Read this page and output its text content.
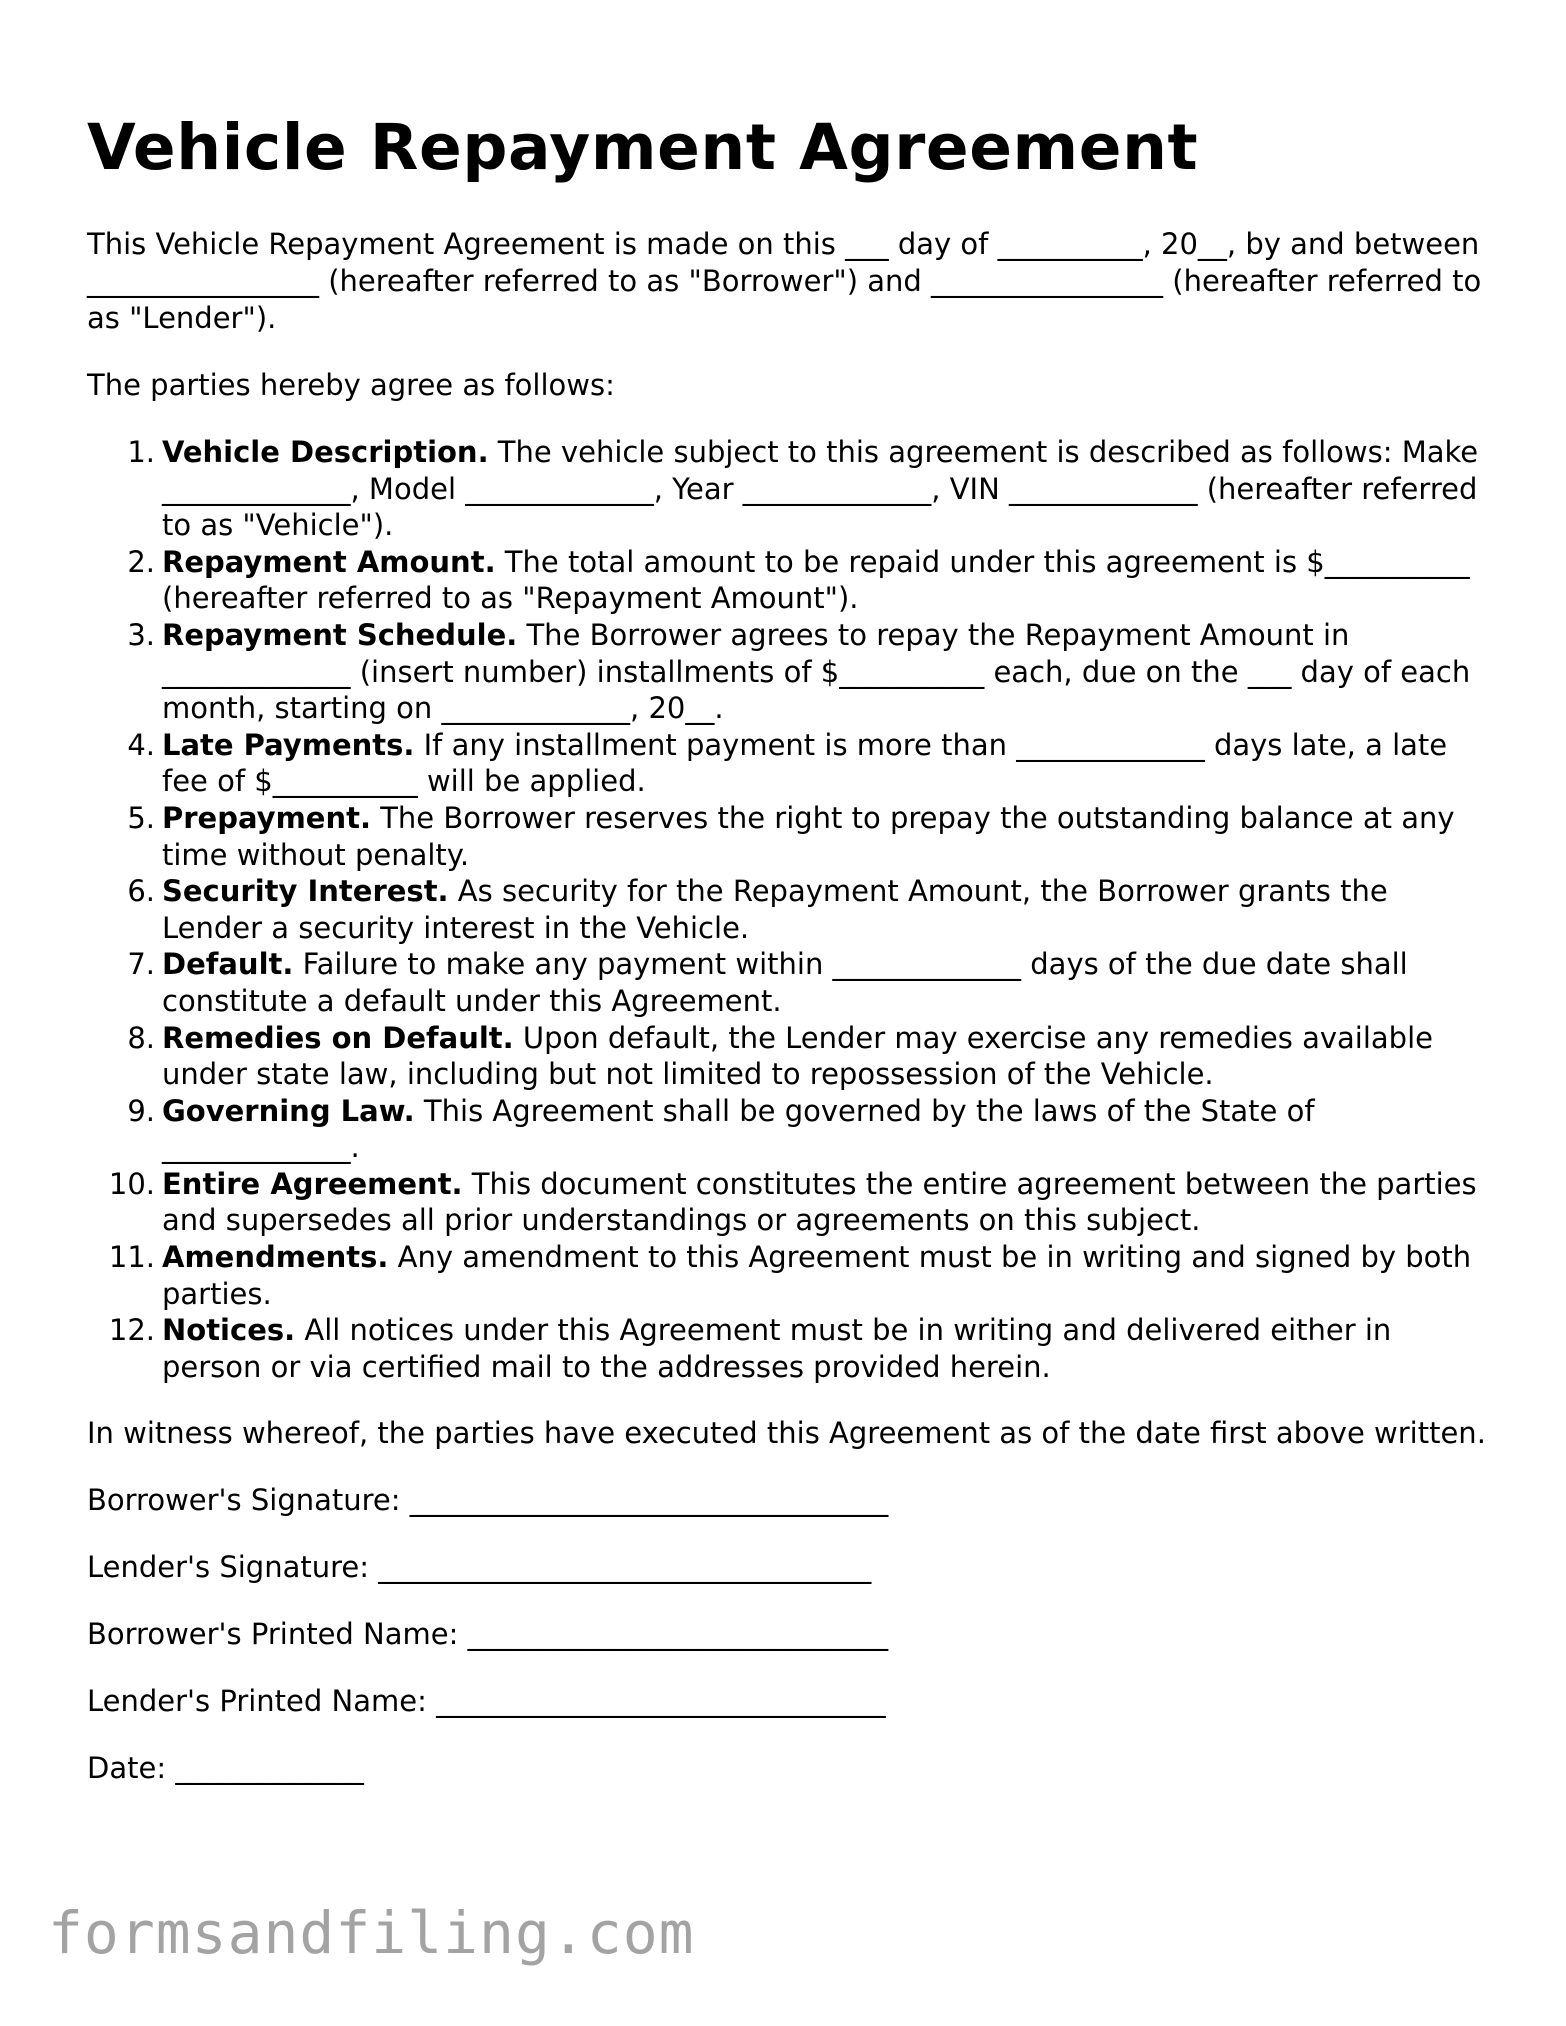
Vehicle Repayment Agreement

This Vehicle Repayment Agreement is made on this ___ day of __________, 20__, by and between ________________ (hereafter referred to as "Borrower") and ________________ (hereafter referred to as "Lender").

The parties hereby agree as follows:

1. Vehicle Description. The vehicle subject to this agreement is described as follows: Make _____________, Model _____________, Year _____________, VIN _____________ (hereafter referred to as "Vehicle").
2. Repayment Amount. The total amount to be repaid under this agreement is $__________ (hereafter referred to as "Repayment Amount").
3. Repayment Schedule. The Borrower agrees to repay the Repayment Amount in _____________ (insert number) installments of $__________ each, due on the ___ day of each month, starting on _____________, 20__.
4. Late Payments. If any installment payment is more than _____________ days late, a late fee of $__________ will be applied.
5. Prepayment. The Borrower reserves the right to prepay the outstanding balance at any time without penalty.
6. Security Interest. As security for the Repayment Amount, the Borrower grants the Lender a security interest in the Vehicle.
7. Default. Failure to make any payment within _____________ days of the due date shall constitute a default under this Agreement.
8. Remedies on Default. Upon default, the Lender may exercise any remedies available under state law, including but not limited to repossession of the Vehicle.
9. Governing Law. This Agreement shall be governed by the laws of the State of _____________.
10. Entire Agreement. This document constitutes the entire agreement between the parties and supersedes all prior understandings or agreements on this subject.
11. Amendments. Any amendment to this Agreement must be in writing and signed by both parties.
12. Notices. All notices under this Agreement must be in writing and delivered either in person or via certified mail to the addresses provided herein.

In witness whereof, the parties have executed this Agreement as of the date first above written.

Borrower's Signature: _________________________________
Lender's Signature: __________________________________
Borrower's Printed Name: _____________________________
Lender's Printed Name: _______________________________
Date: _____________
formsandfiling.com
